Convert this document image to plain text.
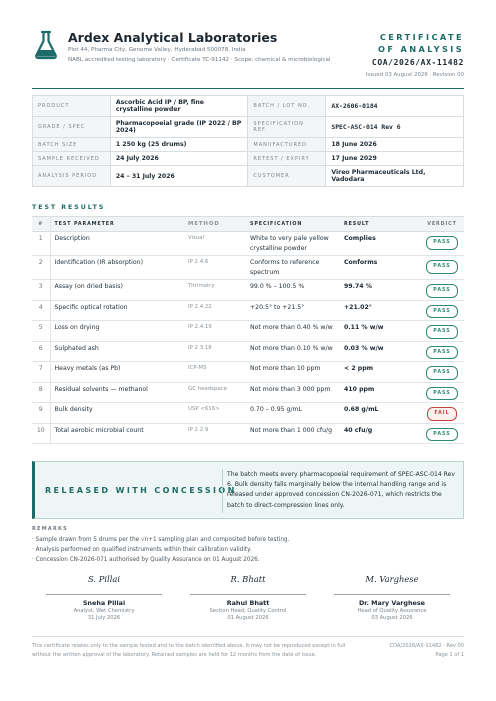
Ardex Analytical Laboratories
Plot 44, Pharma City, Genome Valley, Hyderabad 500078, India
NABL accredited testing laboratory · Certificate TC-91142 · Scope: chemical & microbiological
CERTIFICATE
OF ANALYSIS
COA/2026/AX-11482
Issued 03 August 2026 · Revision 00
PRODUCT	Ascorbic Acid IP / BP, fine crystalline powder	BATCH / LOT NO.	AX-2606-0184
GRADE / SPEC	Pharmacopoeial grade (IP 2022 / BP 2024)	SPECIFICATION REF.	SPEC-ASC-014 Rev 6
BATCH SIZE	1 250 kg (25 drums)	MANUFACTURED	18 June 2026
SAMPLE RECEIVED	24 July 2026	RETEST / EXPIRY	17 June 2029
ANALYSIS PERIOD	24 – 31 July 2026	CUSTOMER	Vireo Pharmaceuticals Ltd, Vadodara
TEST RESULTS
#	TEST PARAMETER	METHOD	SPECIFICATION	RESULT	VERDICT
1	Description	Visual	White to very pale yellow crystalline powder	Complies	PASS
2	Identification (IR absorption)	IP 2.4.6	Conforms to reference spectrum	Conforms	PASS
3	Assay (on dried basis)	Titrimetry	99.0 % – 100.5 %	99.74 %	PASS
4	Specific optical rotation	IP 2.4.22	+20.5° to +21.5°	+21.02°	PASS
5	Loss on drying	IP 2.4.19	Not more than 0.40 % w/w	0.11 % w/w	PASS
6	Sulphated ash	IP 2.3.18	Not more than 0.10 % w/w	0.03 % w/w	PASS
7	Heavy metals (as Pb)	ICP-MS	Not more than 10 ppm	< 2 ppm	PASS
8	Residual solvents — methanol	GC headspace	Not more than 3 000 ppm	410 ppm	PASS
9	Bulk density	USP <616>	0.70 – 0.95 g/mL	0.68 g/mL	FAIL
10	Total aerobic microbial count	IP 2.2.9	Not more than 1 000 cfu/g	40 cfu/g	PASS
RELEASED WITH CONCESSION
The batch meets every pharmacopoeial requirement of SPEC-ASC-014 Rev 6. Bulk density falls marginally below the internal handling range and is released under approved concession CN-2026-071, which restricts the batch to direct-compression lines only.
REMARKS
· Sample drawn from 5 drums per the √n+1 sampling plan and composited before testing.
· Analysis performed on qualified instruments within their calibration validity.
· Concession CN-2026-071 authorised by Quality Assurance on 01 August 2026.
S. Pillai
Sneha Pillai
Analyst, Wet Chemistry
31 July 2026
R. Bhatt
Rahul Bhatt
Section Head, Quality Control
01 August 2026
M. Varghese
Dr. Mary Varghese
Head of Quality Assurance
03 August 2026
This certificate relates only to the sample tested and to the batch identified above. It may not be reproduced except in full without the written approval of the laboratory. Retained samples are held for 12 months from the date of issue.
COA/2026/AX-11482 · Rev 00
Page 1 of 1
